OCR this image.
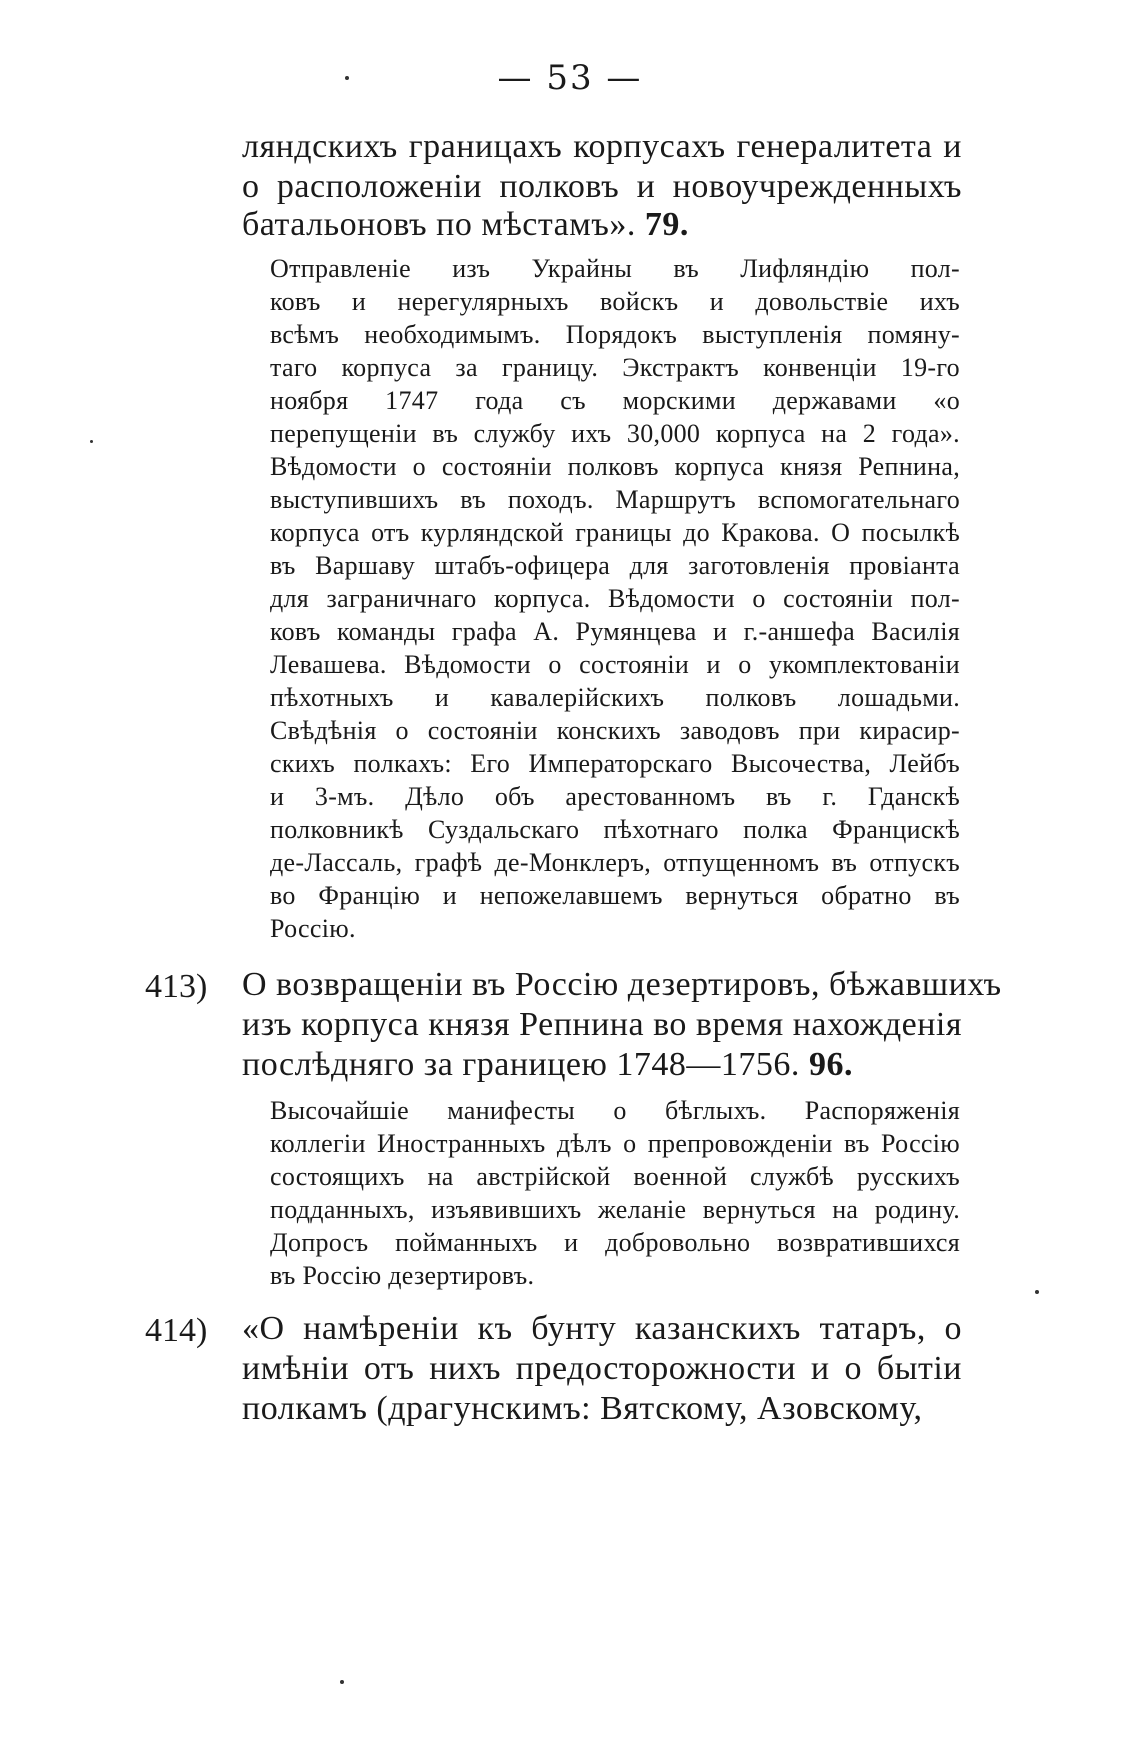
— 53 —
ляндскихъ границахъ корпусахъ генералитета и
о расположеніи полковъ и новоучрежденныхъ
батальоновъ по мѣстамъ». 79.
Отправленіе изъ Украйны въ Лифляндію пол-
ковъ и нерегулярныхъ войскъ и довольствіе ихъ
всѣмъ необходимымъ. Порядокъ выступленія помяну-
таго корпуса за границу. Экстрактъ конвенціи 19-го
ноября 1747 года съ морскими державами «о
перепущеніи въ службу ихъ 30,000 корпуса на 2 года».
Вѣдомости о состояніи полковъ корпуса князя Репнина,
выступившихъ въ походъ. Маршрутъ вспомогательнаго
корпуса отъ курляндской границы до Кракова. О посылкѣ
въ Варшаву штабъ-офицера для заготовленія провіанта
для заграничнаго корпуса. Вѣдомости о состояніи пол-
ковъ команды графа А. Румянцева и г.-аншефа Василія
Левашева. Вѣдомости о состояніи и о укомплектованіи
пѣхотныхъ и кавалерійскихъ полковъ лошадьми.
Свѣдѣнія о состояніи конскихъ заводовъ при кирасир-
скихъ полкахъ: Его Императорскаго Высочества, Лейбъ
и 3-мъ. Дѣло объ арестованномъ въ г. Гданскѣ
полковникѣ Суздальскаго пѣхотнаго полка Францискѣ
де-Лассаль, графѣ де-Монклеръ, отпущенномъ въ отпускъ
во Францію и непожелавшемъ вернуться обратно въ
Россію.
413) О возвращеніи въ Россію дезертировъ, бѣжавшихъ
изъ корпуса князя Репнина во время нахожденія
послѣдняго за границею 1748—1756. 96.
Высочайшіе манифесты о бѣглыхъ. Распоряженія
коллегіи Иностранныхъ дѣлъ о препровожденіи въ Россію
состоящихъ на австрійской военной службѣ русскихъ
подданныхъ, изъявившихъ желаніе вернуться на родину.
Допросъ пойманныхъ и добровольно возвратившихся
въ Россію дезертировъ.
414) «О намѣреніи къ бунту казанскихъ татаръ, о
имѣніи отъ нихъ предосторожности и о бытіи
полкамъ (драгунскимъ: Вятскому, Азовскому,
